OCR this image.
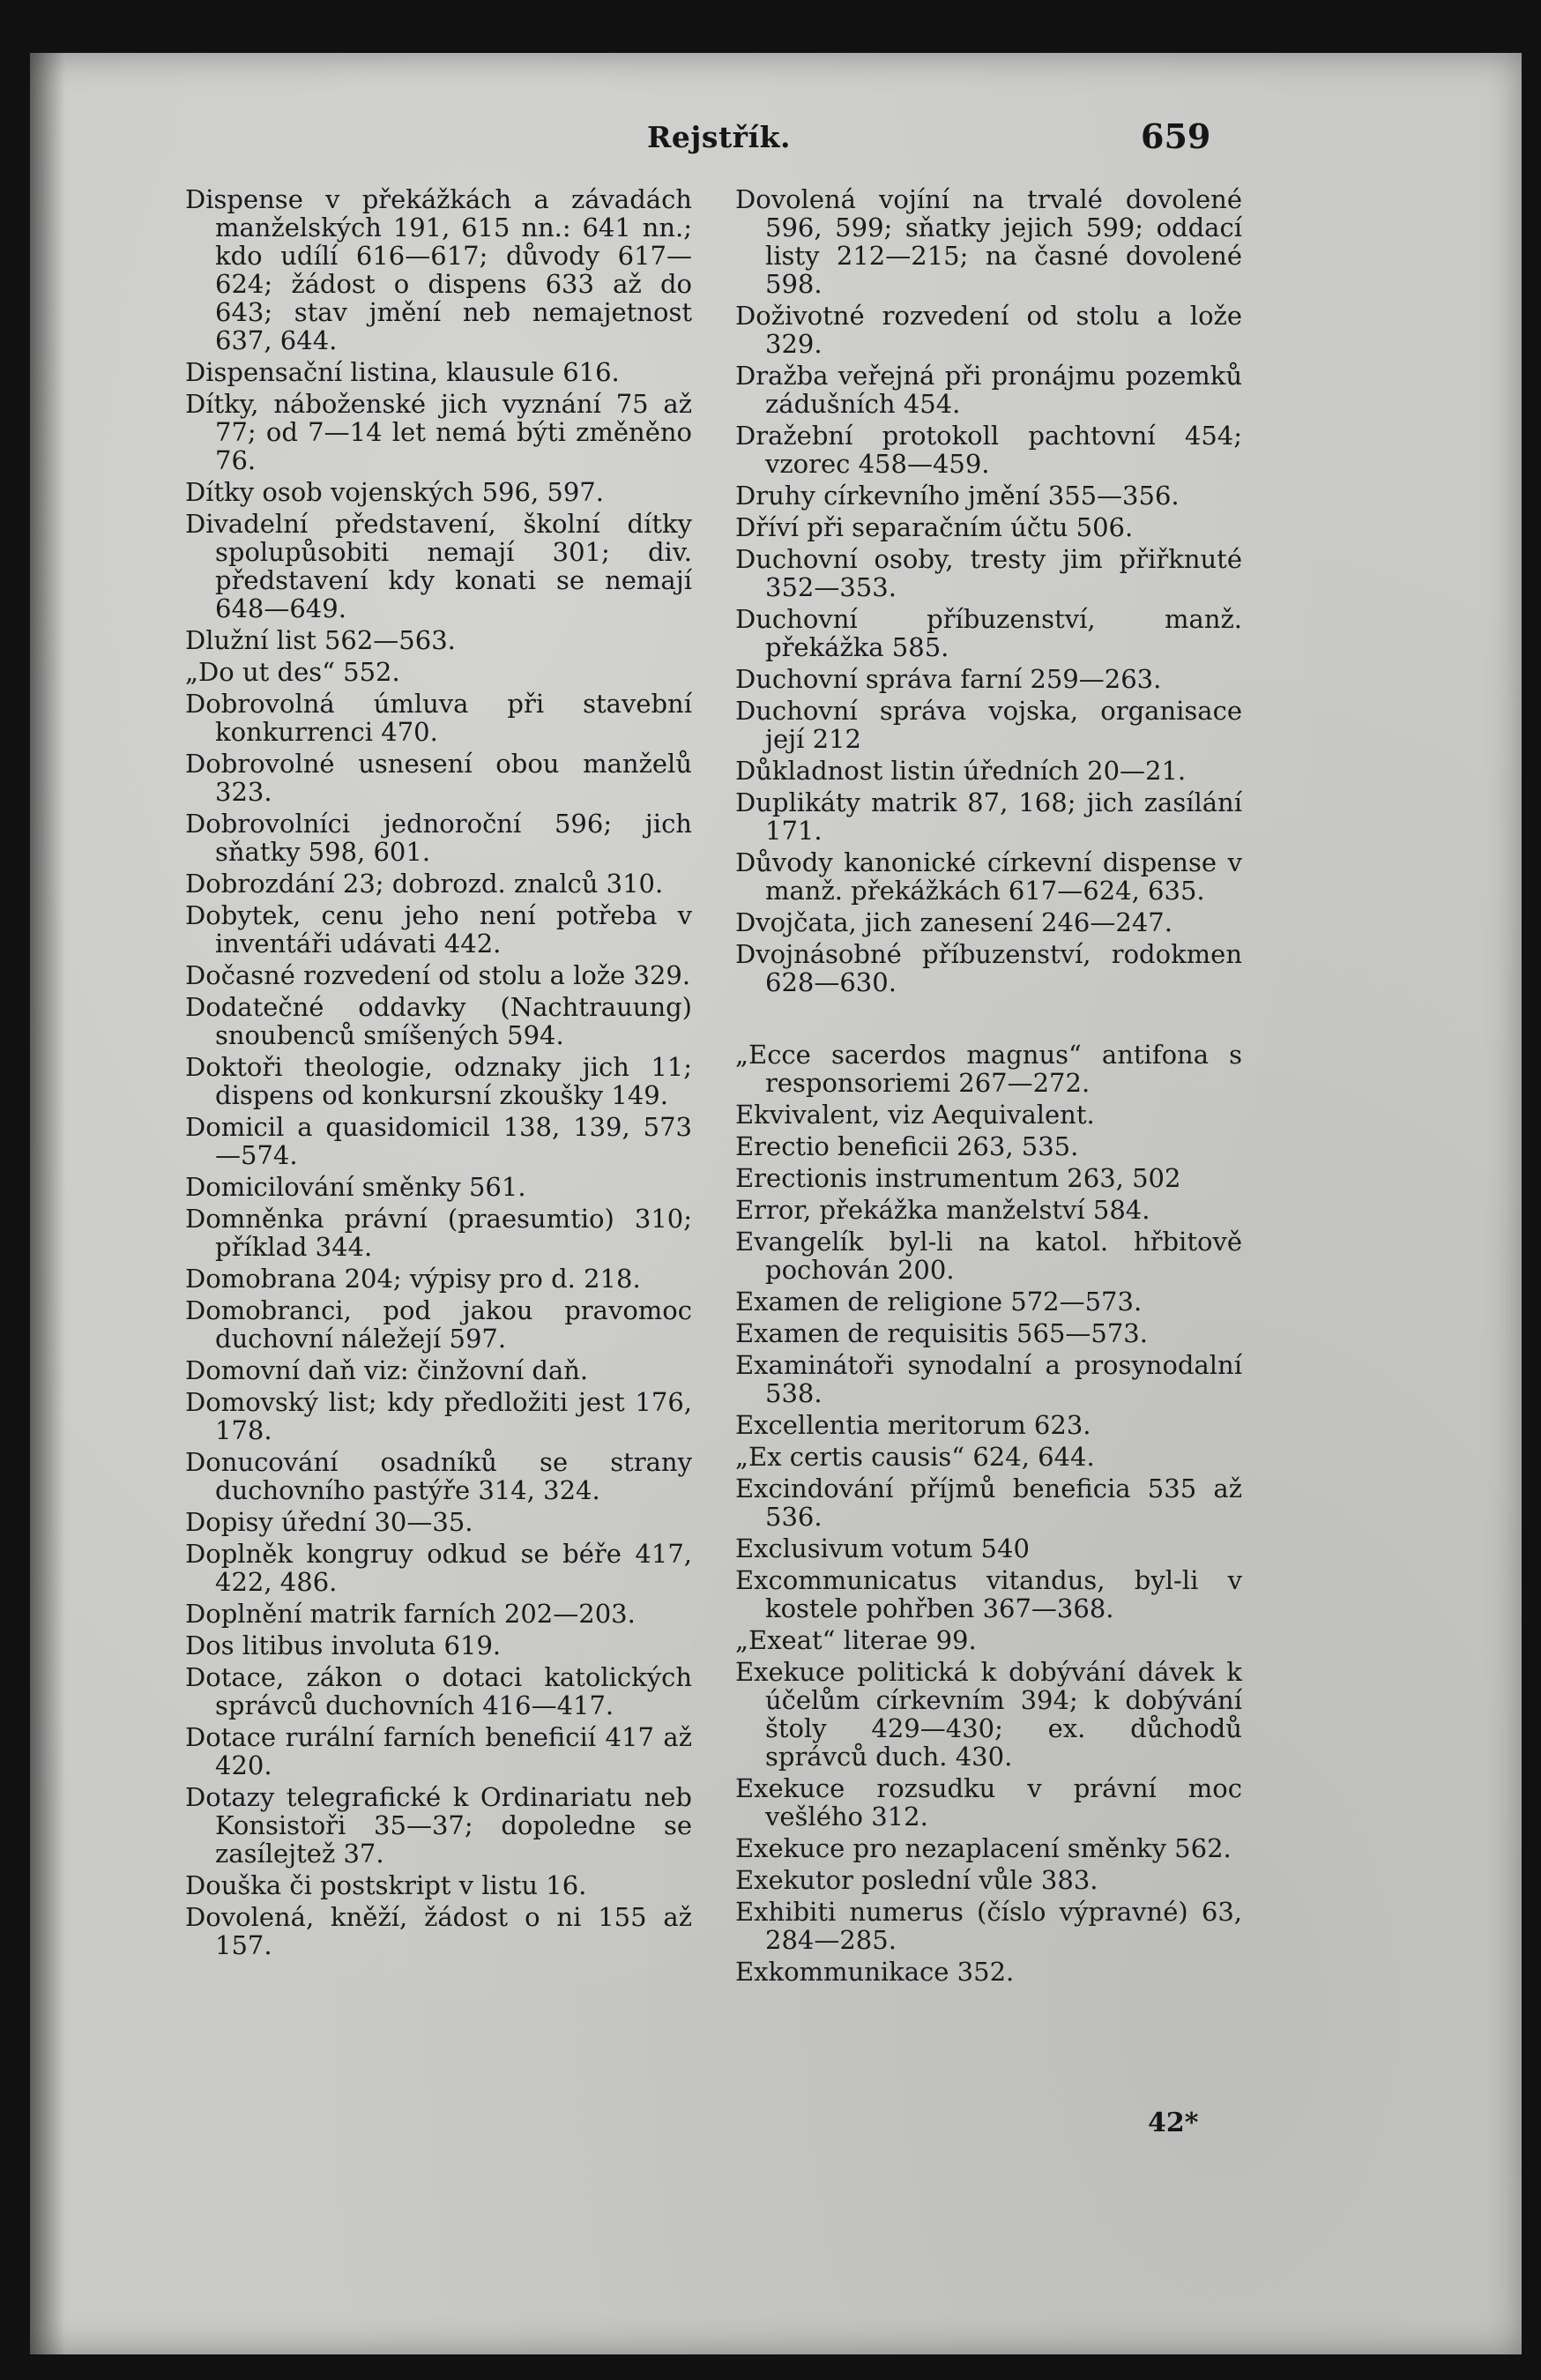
Rejstřík.	659

Dispense v překážkách a závadách manželských 191, 615 nn.: 641 nn.; kdo udílí 616—617; důvody 617—624; žádost o dispens 633 až do 643; stav jmění neb nemajetnost 637, 644.

Dispensační listina, klausule 616.

Dítky, náboženské jich vyznání 75 až 77; od 7—14 let nemá býti změněno 76.

Dítky osob vojenských 596, 597.

Divadelní představení, školní dítky spolupůsobiti nemají 301; div. představení kdy konati se nemají 648—649.

Dlužní list 562—563.

„Do ut des“ 552.

Dobrovolná úmluva při stavební konkurrenci 470.

Dobrovolné usnesení obou manželů 323.

Dobrovolníci jednoroční 596; jich sňatky 598, 601.

Dobrozdání 23; dobrozd. znalců 310.

Dobytek, cenu jeho není potřeba v inventáři udávati 442.

Dočasné rozvedení od stolu a lože 329.

Dodatečné oddavky (Nachtrauung) snoubenců smíšených 594.

Doktoři theologie, odznaky jich 11; dispens od konkursní zkoušky 149.

Domicil a quasidomicil 138, 139, 573—574.

Domicilování směnky 561.

Domněnka právní (praesumtio) 310; příklad 344.

Domobrana 204; výpisy pro d. 218.

Domobranci, pod jakou pravomoc duchovní náležejí 597.

Domovní daň viz: činžovní daň.

Domovský list; kdy předložiti jest 176, 178.

Donucování osadníků se strany duchovního pastýře 314, 324.

Dopisy úřední 30—35.

Doplněk kongruy odkud se béře 417, 422, 486.

Doplnění matrik farních 202—203.

Dos litibus involuta 619.

Dotace, zákon o dotaci katolických správců duchovních 416—417.

Dotace rurální farních beneficií 417 až 420.

Dotazy telegrafické k Ordinariatu neb Konsistoři 35—37; dopoledne se zasílejtež 37.

Douška či postskript v listu 16.

Dovolená, kněží, žádost o ni 155 až 157.

Dovolená vojíní na trvalé dovolené 596, 599; sňatky jejich 599; oddací listy 212—215; na časné dovolené 598.

Doživotné rozvedení od stolu a lože 329.

Dražba veřejná při pronájmu pozemků zádušních 454.

Dražební protokoll pachtovní 454; vzorec 458—459.

Druhy církevního jmění 355—356.

Dříví při separačním účtu 506.

Duchovní osoby, tresty jim přiřknuté 352—353.

Duchovní příbuzenství, manž. překážka 585.

Duchovní správa farní 259—263.

Duchovní správa vojska, organisace její 212

Důkladnost listin úředních 20—21.

Duplikáty matrik 87, 168; jich zasílání 171.

Důvody kanonické církevní dispense v manž. překážkách 617—624, 635.

Dvojčata, jich zanesení 246—247.

Dvojnásobné příbuzenství, rodokmen 628—630.

„Ecce sacerdos magnus“ antifona s responsoriemi 267—272.

Ekvivalent, viz Aequivalent.

Erectio beneficii 263, 535.

Erectionis instrumentum 263, 502

Error, překážka manželství 584.

Evangelík byl-li na katol. hřbitově pochován 200.

Examen de religione 572—573.

Examen de requisitis 565—573.

Examinátoři synodalní a prosynodalní 538.

Excellentia meritorum 623.

„Ex certis causis“ 624, 644.

Excindování příjmů beneficia 535 až 536.

Exclusivum votum 540

Excommunicatus vitandus, byl-li v kostele pohřben 367—368.

„Exeat“ literae 99.

Exekuce politická k dobývání dávek k účelům církevním 394; k dobývání štoly 429—430; ex. důchodů správců duch. 430.

Exekuce rozsudku v právní moc vešlého 312.

Exekuce pro nezaplacení směnky 562.

Exekutor poslední vůle 383.

Exhibiti numerus (číslo výpravné) 63, 284—285.

Exkommunikace 352.

42*
